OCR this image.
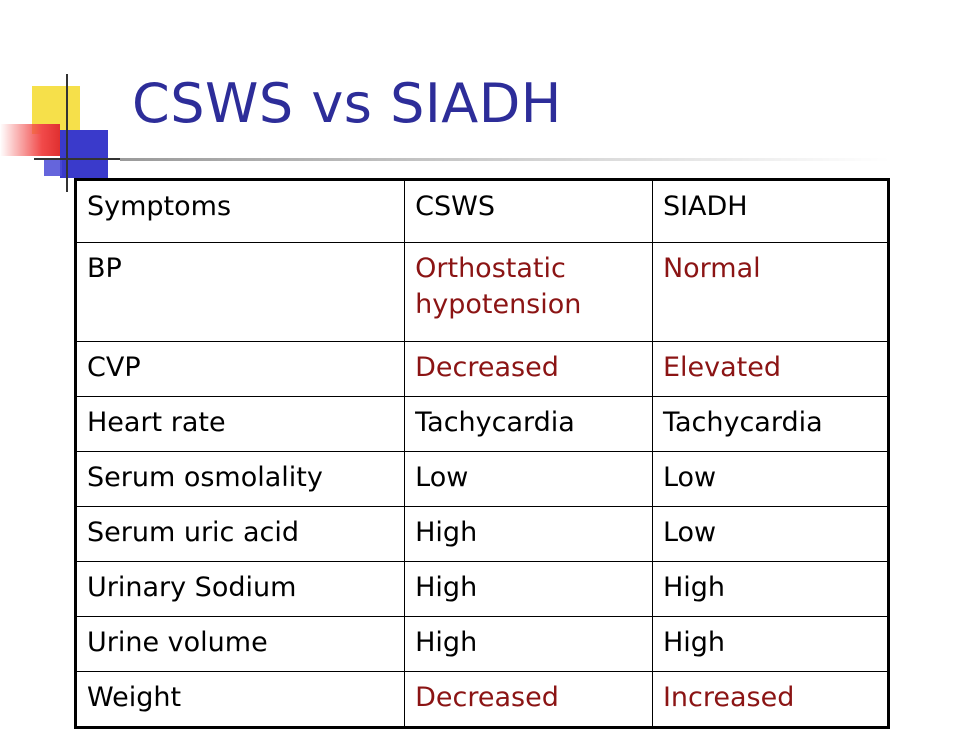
CSWS vs SIADH
Symptoms	CSWS	SIADH
BP	Orthostatic hypotension	Normal
CVP	Decreased	Elevated
Heart rate	Tachycardia	Tachycardia
Serum osmolality	Low	Low
Serum uric acid	High	Low
Urinary Sodium	High	High
Urine volume	High	High
Weight	Decreased	Increased
